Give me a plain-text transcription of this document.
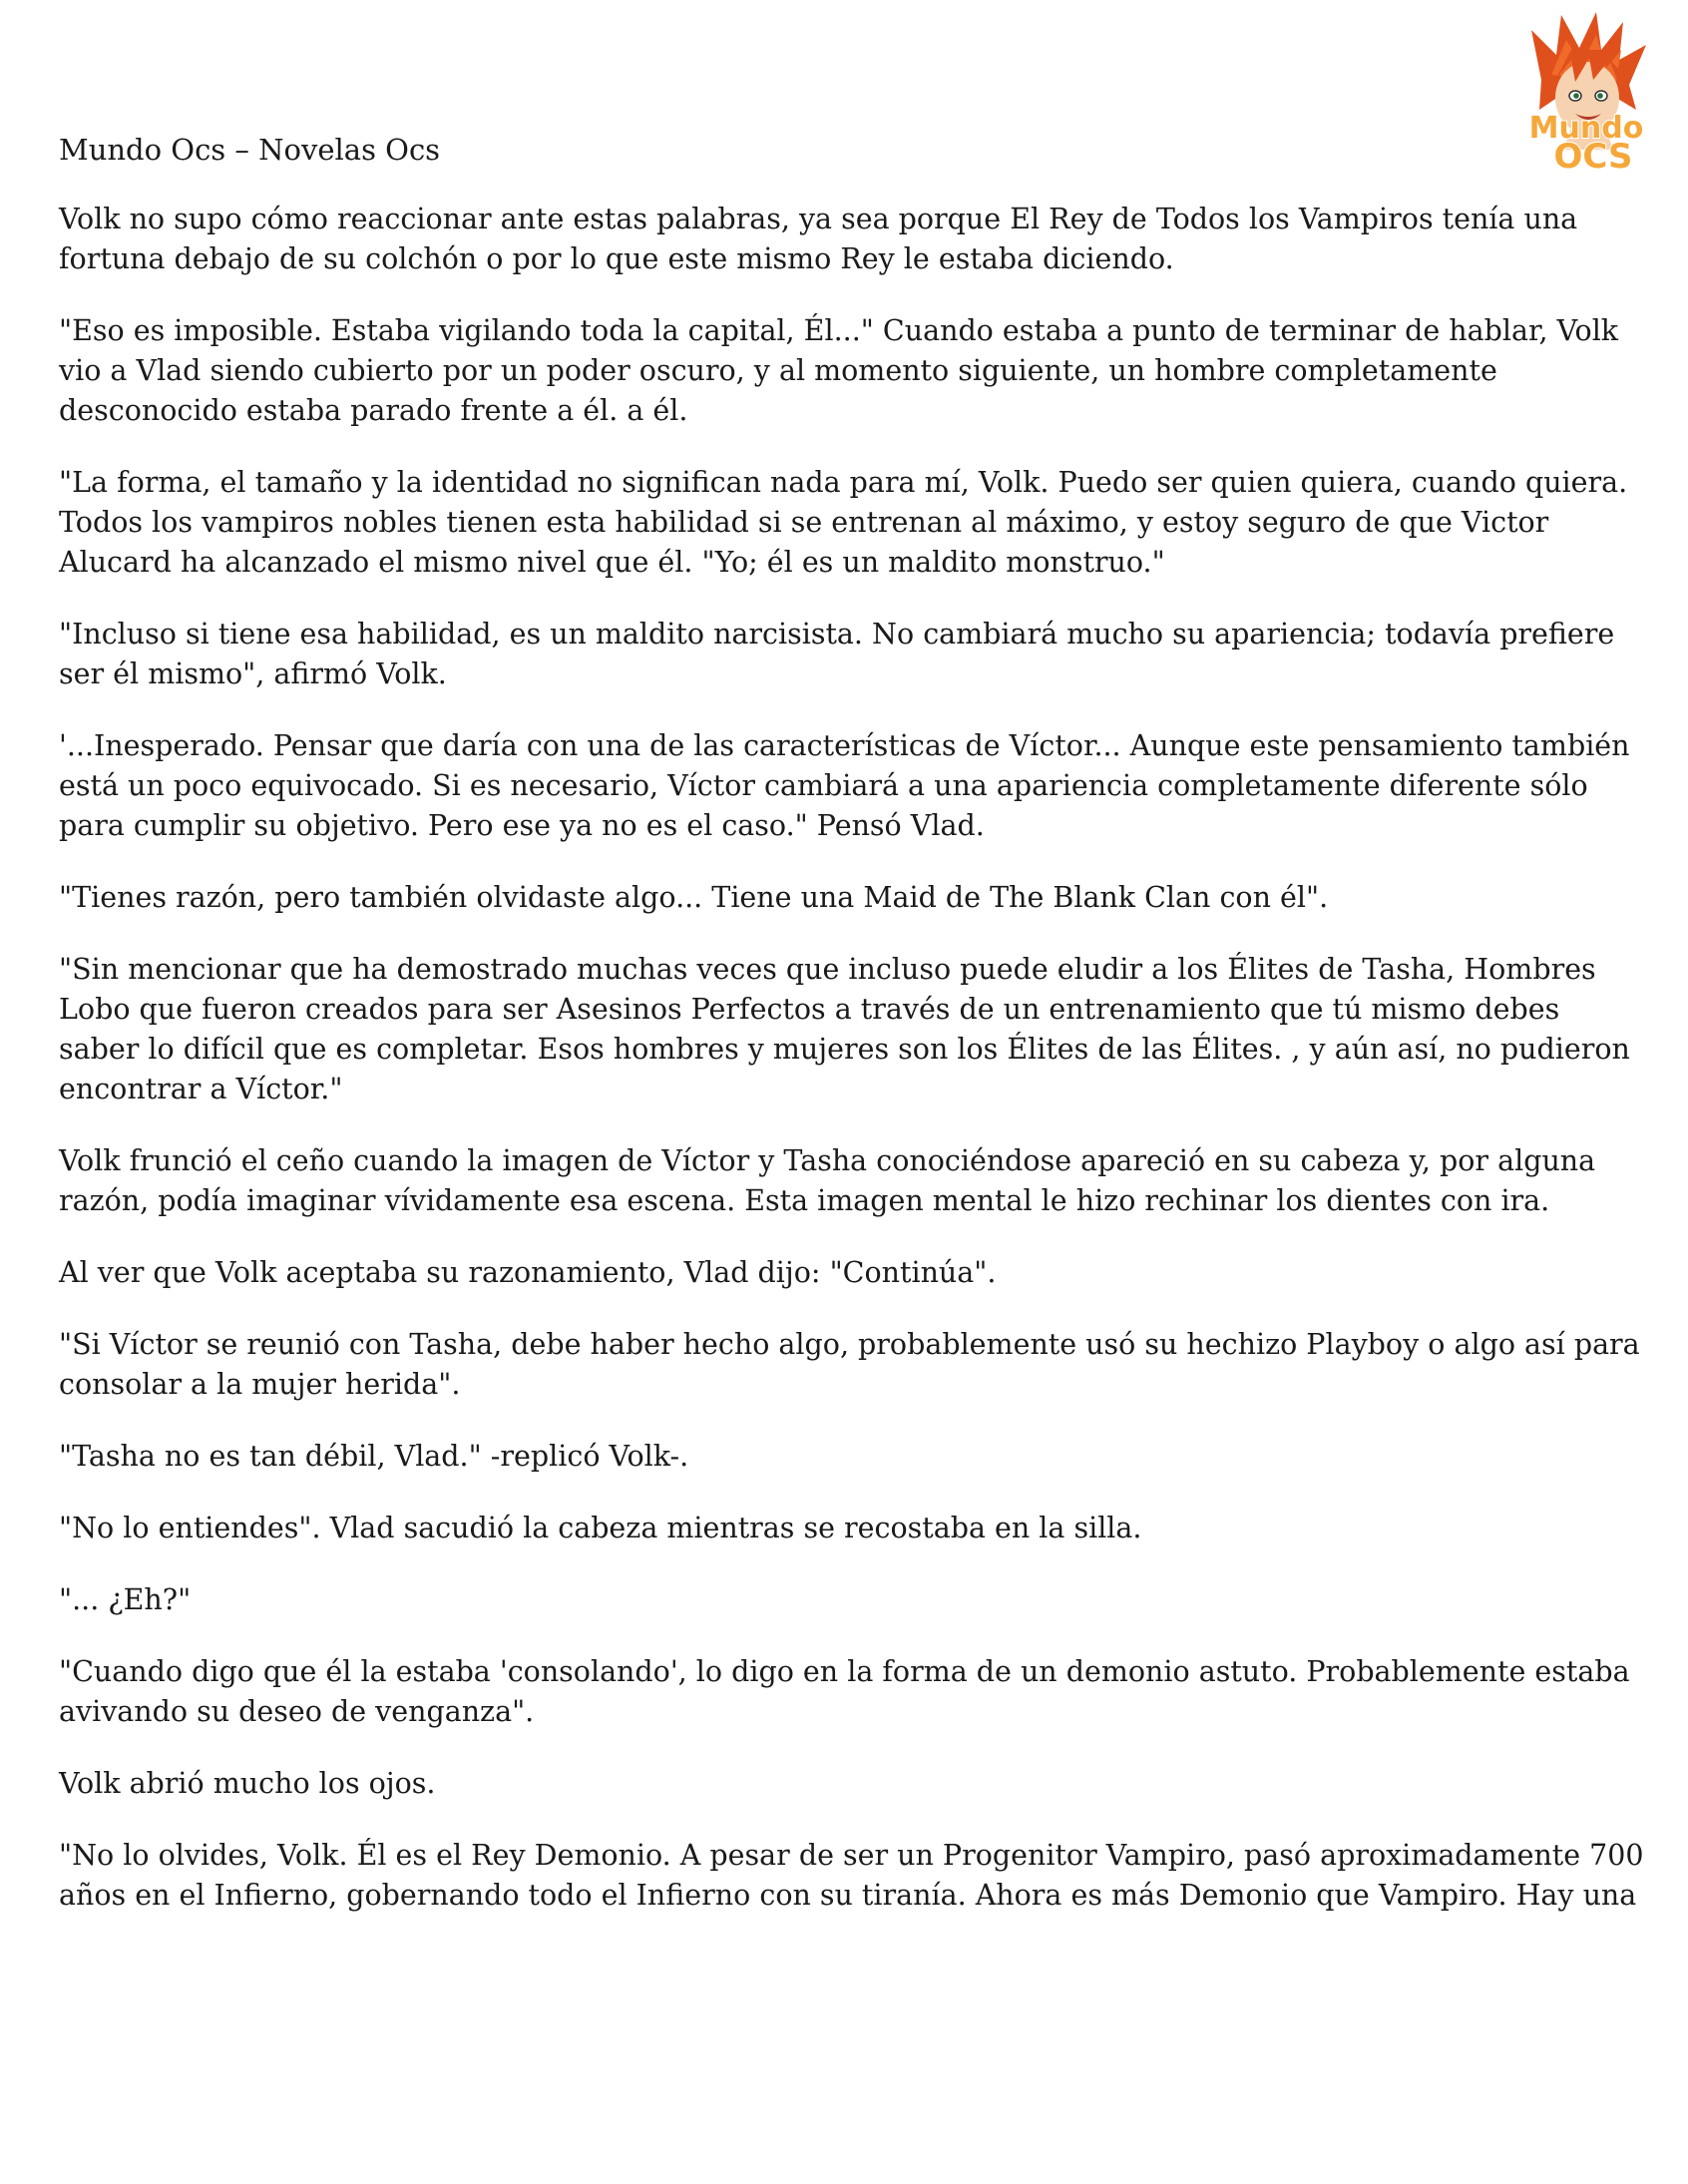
Mundo
OCS

Mundo Ocs – Novelas Ocs

Volk no supo cómo reaccionar ante estas palabras, ya sea porque El Rey de Todos los Vampiros tenía una fortuna debajo de su colchón o por lo que este mismo Rey le estaba diciendo.

"Eso es imposible. Estaba vigilando toda la capital, Él..." Cuando estaba a punto de terminar de hablar, Volk vio a Vlad siendo cubierto por un poder oscuro, y al momento siguiente, un hombre completamente desconocido estaba parado frente a él. a él.

"La forma, el tamaño y la identidad no significan nada para mí, Volk. Puedo ser quien quiera, cuando quiera. Todos los vampiros nobles tienen esta habilidad si se entrenan al máximo, y estoy seguro de que Victor Alucard ha alcanzado el mismo nivel que él. "Yo; él es un maldito monstruo."

"Incluso si tiene esa habilidad, es un maldito narcisista. No cambiará mucho su apariencia; todavía prefiere ser él mismo", afirmó Volk.

'...Inesperado. Pensar que daría con una de las características de Víctor... Aunque este pensamiento también está un poco equivocado. Si es necesario, Víctor cambiará a una apariencia completamente diferente sólo para cumplir su objetivo. Pero ese ya no es el caso." Pensó Vlad.

"Tienes razón, pero también olvidaste algo... Tiene una Maid de The Blank Clan con él".

"Sin mencionar que ha demostrado muchas veces que incluso puede eludir a los Élites de Tasha, Hombres Lobo que fueron creados para ser Asesinos Perfectos a través de un entrenamiento que tú mismo debes saber lo difícil que es completar. Esos hombres y mujeres son los Élites de las Élites. , y aún así, no pudieron encontrar a Víctor."

Volk frunció el ceño cuando la imagen de Víctor y Tasha conociéndose apareció en su cabeza y, por alguna razón, podía imaginar vívidamente esa escena. Esta imagen mental le hizo rechinar los dientes con ira.

Al ver que Volk aceptaba su razonamiento, Vlad dijo: "Continúa".

"Si Víctor se reunió con Tasha, debe haber hecho algo, probablemente usó su hechizo Playboy o algo así para consolar a la mujer herida".

"Tasha no es tan débil, Vlad." -replicó Volk-.

"No lo entiendes". Vlad sacudió la cabeza mientras se recostaba en la silla.

"... ¿Eh?"

"Cuando digo que él la estaba 'consolando', lo digo en la forma de un demonio astuto. Probablemente estaba avivando su deseo de venganza".

Volk abrió mucho los ojos.

"No lo olvides, Volk. Él es el Rey Demonio. A pesar de ser un Progenitor Vampiro, pasó aproximadamente 700 años en el Infierno, gobernando todo el Infierno con su tiranía. Ahora es más Demonio que Vampiro. Hay una
